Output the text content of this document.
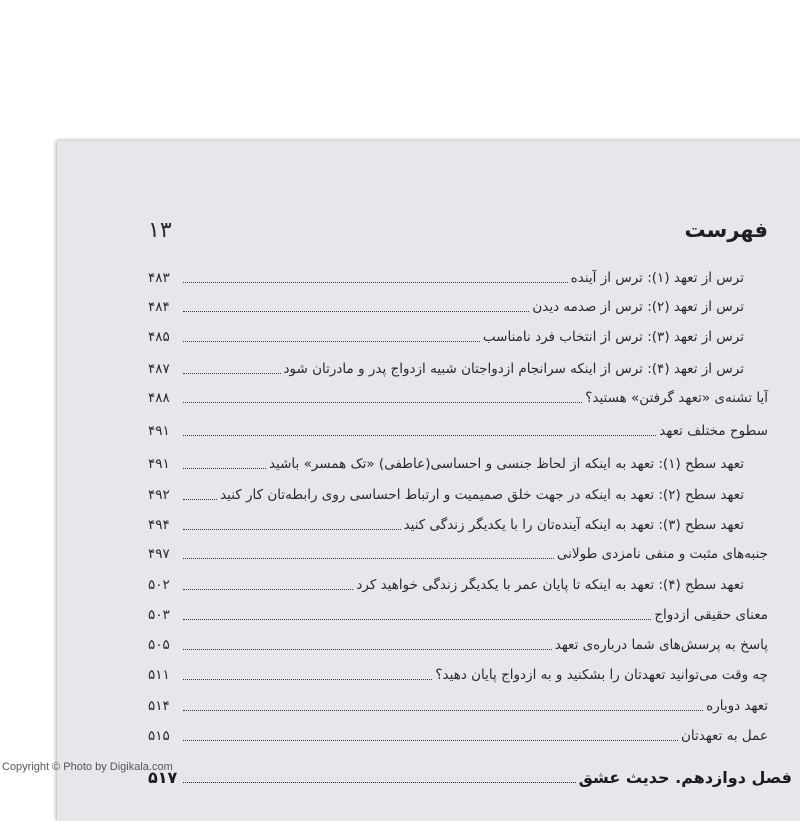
۱۳	فهرست
ترس از تعهد (۱): ترس از آینده
۴۸۳
ترس از تعهد (۲): ترس از صدمه دیدن
۴۸۴
ترس از تعهد (۳): ترس از انتخاب فرد نامناسب
۴۸۵
ترس از تعهد (۴): ترس از اینکه سرانجام ازدواجتان شبیه ازدواج پدر و مادرتان شود
۴۸۷
آیا تشنه‌ی «تعهد گرفتن» هستید؟
۴۸۸
سطوح مختلف تعهد
۴۹۱
تعهد سطح (۱): تعهد به اینکه از لحاظ جنسی و احساسی(عاطفی) «تک همسر» باشید
۴۹۱
تعهد سطح (۲): تعهد به اینکه در جهت خلق صمیمیت و ارتباط احساسی روی رابطه‌تان کار کنید
۴۹۲
تعهد سطح (۳): تعهد به اینکه آینده‌تان را با یکدیگر زندگی کنید
۴۹۴
جنبه‌های مثبت و منفی نامزدی طولانی
۴۹۷
تعهد سطح (۴): تعهد به اینکه تا پایان عمر با یکدیگر زندگی خواهید کرد
۵۰۲
معنای حقیقی ازدواج
۵۰۳
پاسخ به پرسش‌های شما درباره‌ی تعهد
۵۰۵
چه وقت می‌توانید تعهدتان را بشکنید و به ازدواج پایان دهید؟
۵۱۱
تعهد دوباره
۵۱۴
عمل به تعهدتان
۵۱۵
فصل دوازدهم. حدیث عشق
۵۱۷
Copyright © Photo by Digikala.com
